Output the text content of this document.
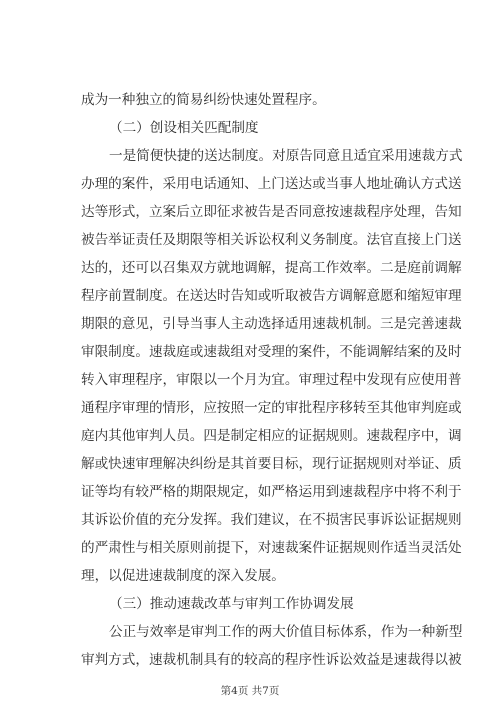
成为一种独立的简易纠纷快速处置程序。
（二）创设相关匹配制度
一是简便快捷的送达制度。对原告同意且适宜采用速裁方式
办理的案件，采用电话通知、上门送达或当事人地址确认方式送
达等形式，立案后立即征求被告是否同意按速裁程序处理，告知
被告举证责任及期限等相关诉讼权利义务制度。法官直接上门送
达的，还可以召集双方就地调解，提高工作效率。二是庭前调解
程序前置制度。在送达时告知或听取被告方调解意愿和缩短审理
期限的意见，引导当事人主动选择适用速裁机制。三是完善速裁
审限制度。速裁庭或速裁组对受理的案件，不能调解结案的及时
转入审理程序，审限以一个月为宜。审理过程中发现有应使用普
通程序审理的情形，应按照一定的审批程序移转至其他审判庭或
庭内其他审判人员。四是制定相应的证据规则。速裁程序中，调
解或快速审理解决纠纷是其首要目标，现行证据规则对举证、质
证等均有较严格的期限规定，如严格运用到速裁程序中将不利于
其诉讼价值的充分发挥。我们建议，在不损害民事诉讼证据规则
的严肃性与相关原则前提下，对速裁案件证据规则作适当灵活处
理，以促进速裁制度的深入发展。
（三）推动速裁改革与审判工作协调发展
公正与效率是审判工作的两大价值目标体系，作为一种新型
审判方式，速裁机制具有的较高的程序性诉讼效益是速裁得以被
第4页 共7页
